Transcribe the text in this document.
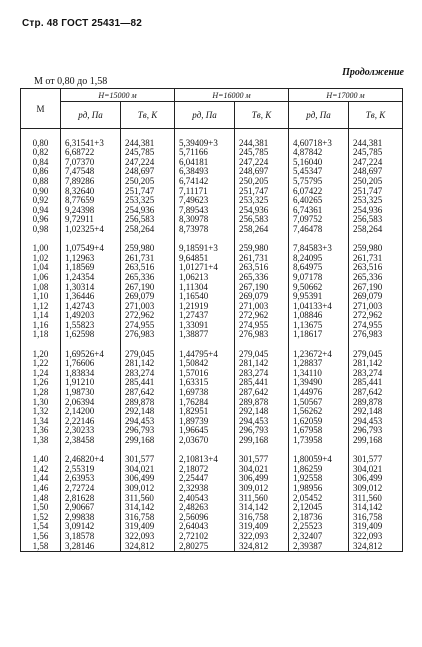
Стр. 48 ГОСТ 25431—82
Продолжение
М от 0,80 до 1,58
М	Н=15000 м		Н=16000 м		Н=17000 м	
	pд, Па	Tв, К	pд, Па	Tв, К	pд, Па	Tв, К

0,80	6,31541+3	244,381	5,39409+3	244,381	4,60718+3	244,381
0,82	6,68722	245,785	5,71166	245,785	4,87842	245,785
0,84	7,07370	247,224	6,04181	247,224	5,16040	247,224
0,86	7,47548	248,697	6,38493	248,697	5,45347	248,697
0,88	7,89286	250,205	6,74142	250,205	5,75795	250,205
0,90	8,32640	251,747	7,11171	251,747	6,07422	251,747
0,92	8,77659	253,325	7,49623	253,325	6,40265	253,325
0,94	9,24398	254,936	7,89543	254,936	6,74361	254,936
0,96	9,72911	256,583	8,30978	256,583	7,09752	256,583
0,98	1,02325+4	258,264	8,73978	258,264	7,46478	258,264

1,00	1,07549+4	259,980	9,18591+3	259,980	7,84583+3	259,980
1,02	1,12963	261,731	9,64851	261,731	8,24095	261,731
1,04	1,18569	263,516	1,01271+4	263,516	8,64975	263,516
1,06	1,24354	265,336	1,06213	265,336	9,07178	265,336
1,08	1,30314	267,190	1,11304	267,190	9,50662	267,190
1,10	1,36446	269,079	1,16540	269,079	9,95391	269,079
1,12	1,42743	271,003	1,21919	271,003	1,04133+4	271,003
1,14	1,49203	272,962	1,27437	272,962	1,08846	272,962
1,16	1,55823	274,955	1,33091	274,955	1,13675	274,955
1,18	1,62598	276,983	1,38877	276,983	1,18617	276,983

1,20	1,69526+4	279,045	1,44795+4	279,045	1,23672+4	279,045
1,22	1,76606	281,142	1,50842	281,142	1,28837	281,142
1,24	1,83834	283,274	1,57016	283,274	1,34110	283,274
1,26	1,91210	285,441	1,63315	285,441	1,39490	285,441
1,28	1,98730	287,642	1,69738	287,642	1,44976	287,642
1,30	2,06394	289,878	1,76284	289,878	1,50567	289,878
1,32	2,14200	292,148	1,82951	292,148	1,56262	292,148
1,34	2,22146	294,453	1,89739	294,453	1,62059	294,453
1,36	2,30233	296,793	1,96645	296,793	1,67958	296,793
1,38	2,38458	299,168	2,03670	299,168	1,73958	299,168

1,40	2,46820+4	301,577	2,10813+4	301,577	1,80059+4	301,577
1,42	2,55319	304,021	2,18072	304,021	1,86259	304,021
1,44	2,63953	306,499	2,25447	306,499	1,92558	306,499
1,46	2,72724	309,012	2,32938	309,012	1,98956	309,012
1,48	2,81628	311,560	2,40543	311,560	2,05452	311,560
1,50	2,90667	314,142	2,48263	314,142	2,12045	314,142
1,52	2,99838	316,758	2,56096	316,758	2,18736	316,758
1,54	3,09142	319,409	2,64043	319,409	2,25523	319,409
1,56	3,18578	322,093	2,72102	322,093	2,32407	322,093
1,58	3,28146	324,812	2,80275	324,812	2,39387	324,812
